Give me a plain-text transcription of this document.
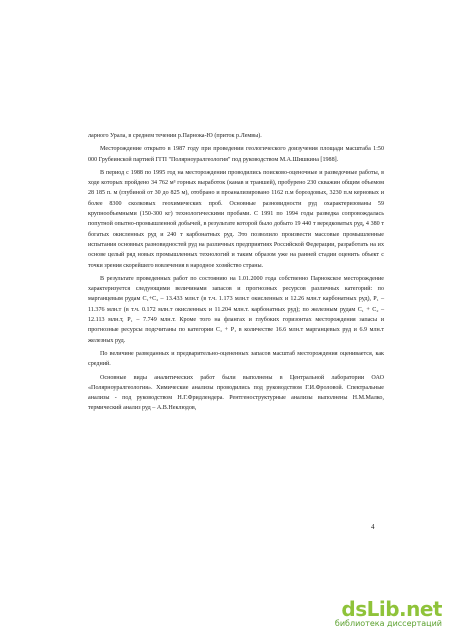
ларного Урала, в среднем течении р.Парнока-Ю (приток р.Лемвы).

Месторождение открыто в 1987 году при проведении геологического доизучения площади масштаба 1:50 000 Грубеинской партией ГГП "Полярноуралгеология" под руководством М.А.Шишкина [1988].

В период с 1988 по 1995 год на месторождении проводились поисково-оценочные и разведочные работы, в ходе которых пройдено 34 762 м³ горных выработок (канав и траншей), пробурено 230 скважин общим объемом 28 185 п. м (глубиной от 30 до 825 м), отобрано и проанализировано 1162 п.м бороздовых, 3230 п.м керновых и более 8300 сколковых геохимических проб. Основные разновидности руд охарактеризованы 59 крупнообъемными (150-300 кг) технологическими пробами. С 1991 по 1994 годы разведка сопровождалась попутной опытно-промышленной добычей, в результате которой было добыто 19 440 т вередковатых руд, 4 380 т богатых окисленных руд и 240 т карбонатных руд. Это позволило произвести массовые промышленные испытания основных разновидностей руд на различных предприятиях Российской Федерации, разработать на их основе целый ряд новых промышленных технологий и таким образом уже на ранней стадии оценить объект с точки зрения скорейшего вовлечения в народное хозяйство страны.

В результате проведенных работ по состоянию на 1.01.2000 года собственно Парнокское месторождение характеризуется следующими величинами запасов и прогнозных ресурсов различных категорий: по марганцевым рудам С₁+С₂ – 13.433 млн.т (в т.ч. 1.173 млн.т окисленных и 12.26 млн.т карбонатных руд), Р₁ – 11.376 млн.т (в т.ч. 0.172 млн.т окисленных и 11.204 млн.т. карбонатных руд); по железным рудам С₁ + С₂ – 12.113 млн.т, Р₁ – 7.749 млн.т. Кроме того на флангах и глубоких горизонтах месторождения запасы и прогнозные ресурсы подсчитаны по категории С₁ + Р₁ в количестве 16.6 млн.т марганцевых руд и 6.9 млн.т железных руд.

По величине разведанных и предварительно-оцененных запасов масштаб месторождения оценивается, как средний.

Основные виды аналитических работ были выполнены в Центральной лаборатории ОАО «Полярноуралгеология». Химические анализы проводились под руководством Г.И.Фроловой. Спектральные анализы - под руководством Н.Г.Фридлендера. Рентгеноструктурные анализы выполнены Н.М.Малко, термический анализ руд – А.В.Неклюдов,

4
dsLib.net
библиотека диссертаций
